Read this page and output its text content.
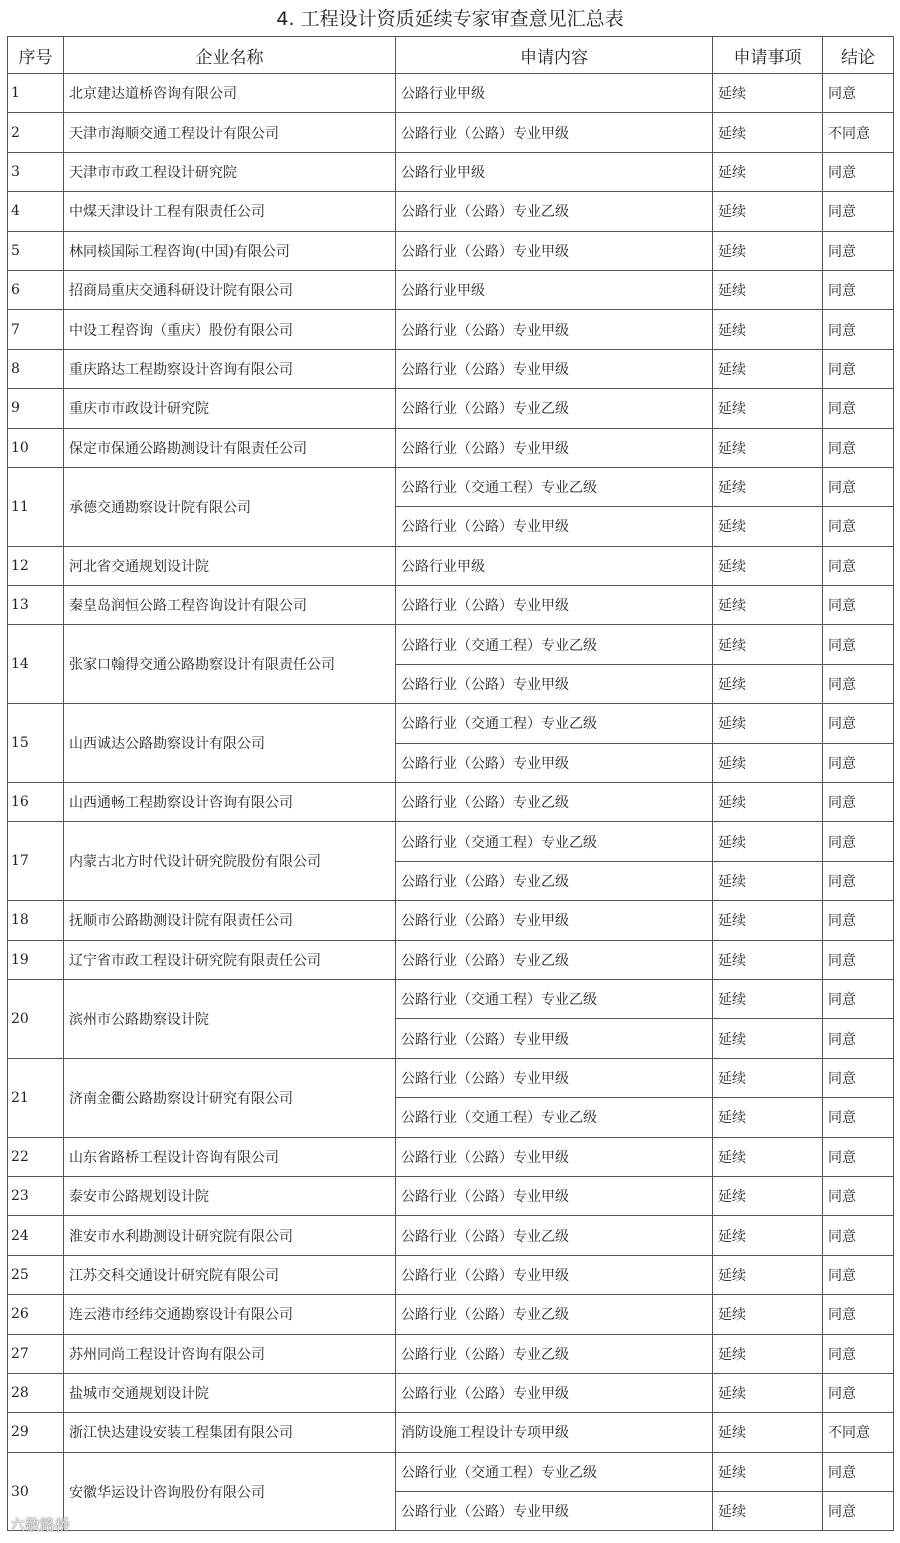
4. 工程设计资质延续专家审查意见汇总表
序号	企业名称	申请内容	申请事项	结论
1	北京建达道桥咨询有限公司	公路行业甲级	延续	同意
2	天津市海顺交通工程设计有限公司	公路行业（公路）专业甲级	延续	不同意
3	天津市市政工程设计研究院	公路行业甲级	延续	同意
4	中煤天津设计工程有限责任公司	公路行业（公路）专业乙级	延续	同意
5	林同棪国际工程咨询(中国)有限公司	公路行业（公路）专业甲级	延续	同意
6	招商局重庆交通科研设计院有限公司	公路行业甲级	延续	同意
7	中设工程咨询（重庆）股份有限公司	公路行业（公路）专业甲级	延续	同意
8	重庆路达工程勘察设计咨询有限公司	公路行业（公路）专业甲级	延续	同意
9	重庆市市政设计研究院	公路行业（公路）专业乙级	延续	同意
10	保定市保通公路勘测设计有限责任公司	公路行业（公路）专业甲级	延续	同意
11	承德交通勘察设计院有限公司	公路行业（交通工程）专业乙级	延续	同意
		公路行业（公路）专业甲级	延续	同意
12	河北省交通规划设计院	公路行业甲级	延续	同意
13	秦皇岛润恒公路工程咨询设计有限公司	公路行业（公路）专业甲级	延续	同意
14	张家口翰得交通公路勘察设计有限责任公司	公路行业（交通工程）专业乙级	延续	同意
		公路行业（公路）专业甲级	延续	同意
15	山西诚达公路勘察设计有限公司	公路行业（交通工程）专业乙级	延续	同意
		公路行业（公路）专业甲级	延续	同意
16	山西通畅工程勘察设计咨询有限公司	公路行业（公路）专业乙级	延续	同意
17	内蒙古北方时代设计研究院股份有限公司	公路行业（交通工程）专业乙级	延续	同意
		公路行业（公路）专业乙级	延续	同意
18	抚顺市公路勘测设计院有限责任公司	公路行业（公路）专业甲级	延续	同意
19	辽宁省市政工程设计研究院有限责任公司	公路行业（公路）专业乙级	延续	同意
20	滨州市公路勘察设计院	公路行业（交通工程）专业乙级	延续	同意
		公路行业（公路）专业甲级	延续	同意
21	济南金衢公路勘察设计研究有限公司	公路行业（公路）专业甲级	延续	同意
		公路行业（交通工程）专业乙级	延续	同意
22	山东省路桥工程设计咨询有限公司	公路行业（公路）专业甲级	延续	同意
23	泰安市公路规划设计院	公路行业（公路）专业甲级	延续	同意
24	淮安市水利勘测设计研究院有限公司	公路行业（公路）专业乙级	延续	同意
25	江苏交科交通设计研究院有限公司	公路行业（公路）专业甲级	延续	同意
26	连云港市经纬交通勘察设计有限公司	公路行业（公路）专业乙级	延续	同意
27	苏州同尚工程设计咨询有限公司	公路行业（公路）专业乙级	延续	同意
28	盐城市交通规划设计院	公路行业（公路）专业甲级	延续	同意
29	浙江快达建设安装工程集团有限公司	消防设施工程设计专项甲级	延续	不同意
30	安徽华运设计咨询股份有限公司	公路行业（交通工程）专业乙级	延续	同意
		公路行业（公路）专业甲级	延续	同意
六敬路桥
